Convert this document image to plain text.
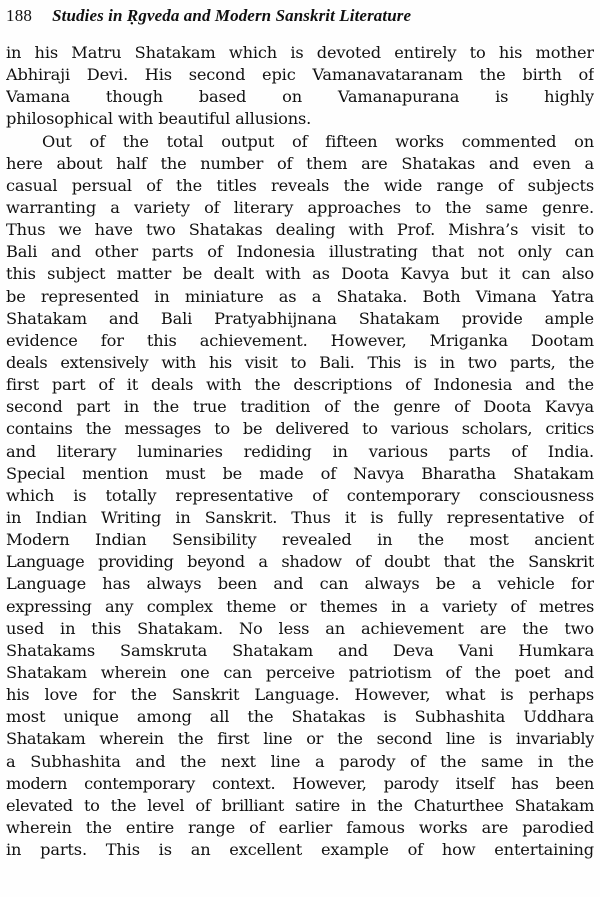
188 Studies in Ṛgveda and Modern Sanskrit Literature
in his Matru Shatakam which is devoted entirely to his mother
Abhiraji Devi. His second epic Vamanavataranam the birth of
Vamana though based on Vamanapurana is highly
philosophical with beautiful allusions.
Out of the total output of fifteen works commented on
here about half the number of them are Shatakas and even a
casual persual of the titles reveals the wide range of subjects
warranting a variety of literary approaches to the same genre.
Thus we have two Shatakas dealing with Prof. Mishra’s visit to
Bali and other parts of Indonesia illustrating that not only can
this subject matter be dealt with as Doota Kavya but it can also
be represented in miniature as a Shataka. Both Vimana Yatra
Shatakam and Bali Pratyabhijnana Shatakam provide ample
evidence for this achievement. However, Mriganka Dootam
deals extensively with his visit to Bali. This is in two parts, the
first part of it deals with the descriptions of Indonesia and the
second part in the true tradition of the genre of Doota Kavya
contains the messages to be delivered to various scholars, critics
and literary luminaries rediding in various parts of India.
Special mention must be made of Navya Bharatha Shatakam
which is totally representative of contemporary consciousness
in Indian Writing in Sanskrit. Thus it is fully representative of
Modern Indian Sensibility revealed in the most ancient
Language providing beyond a shadow of doubt that the Sanskrit
Language has always been and can always be a vehicle for
expressing any complex theme or themes in a variety of metres
used in this Shatakam. No less an achievement are the two
Shatakams Samskruta Shatakam and Deva Vani Humkara
Shatakam wherein one can perceive patriotism of the poet and
his love for the Sanskrit Language. However, what is perhaps
most unique among all the Shatakas is Subhashita Uddhara
Shatakam wherein the first line or the second line is invariably
a Subhashita and the next line a parody of the same in the
modern contemporary context. However, parody itself has been
elevated to the level of brilliant satire in the Chaturthee Shatakam
wherein the entire range of earlier famous works are parodied
in parts. This is an excellent example of how entertaining
